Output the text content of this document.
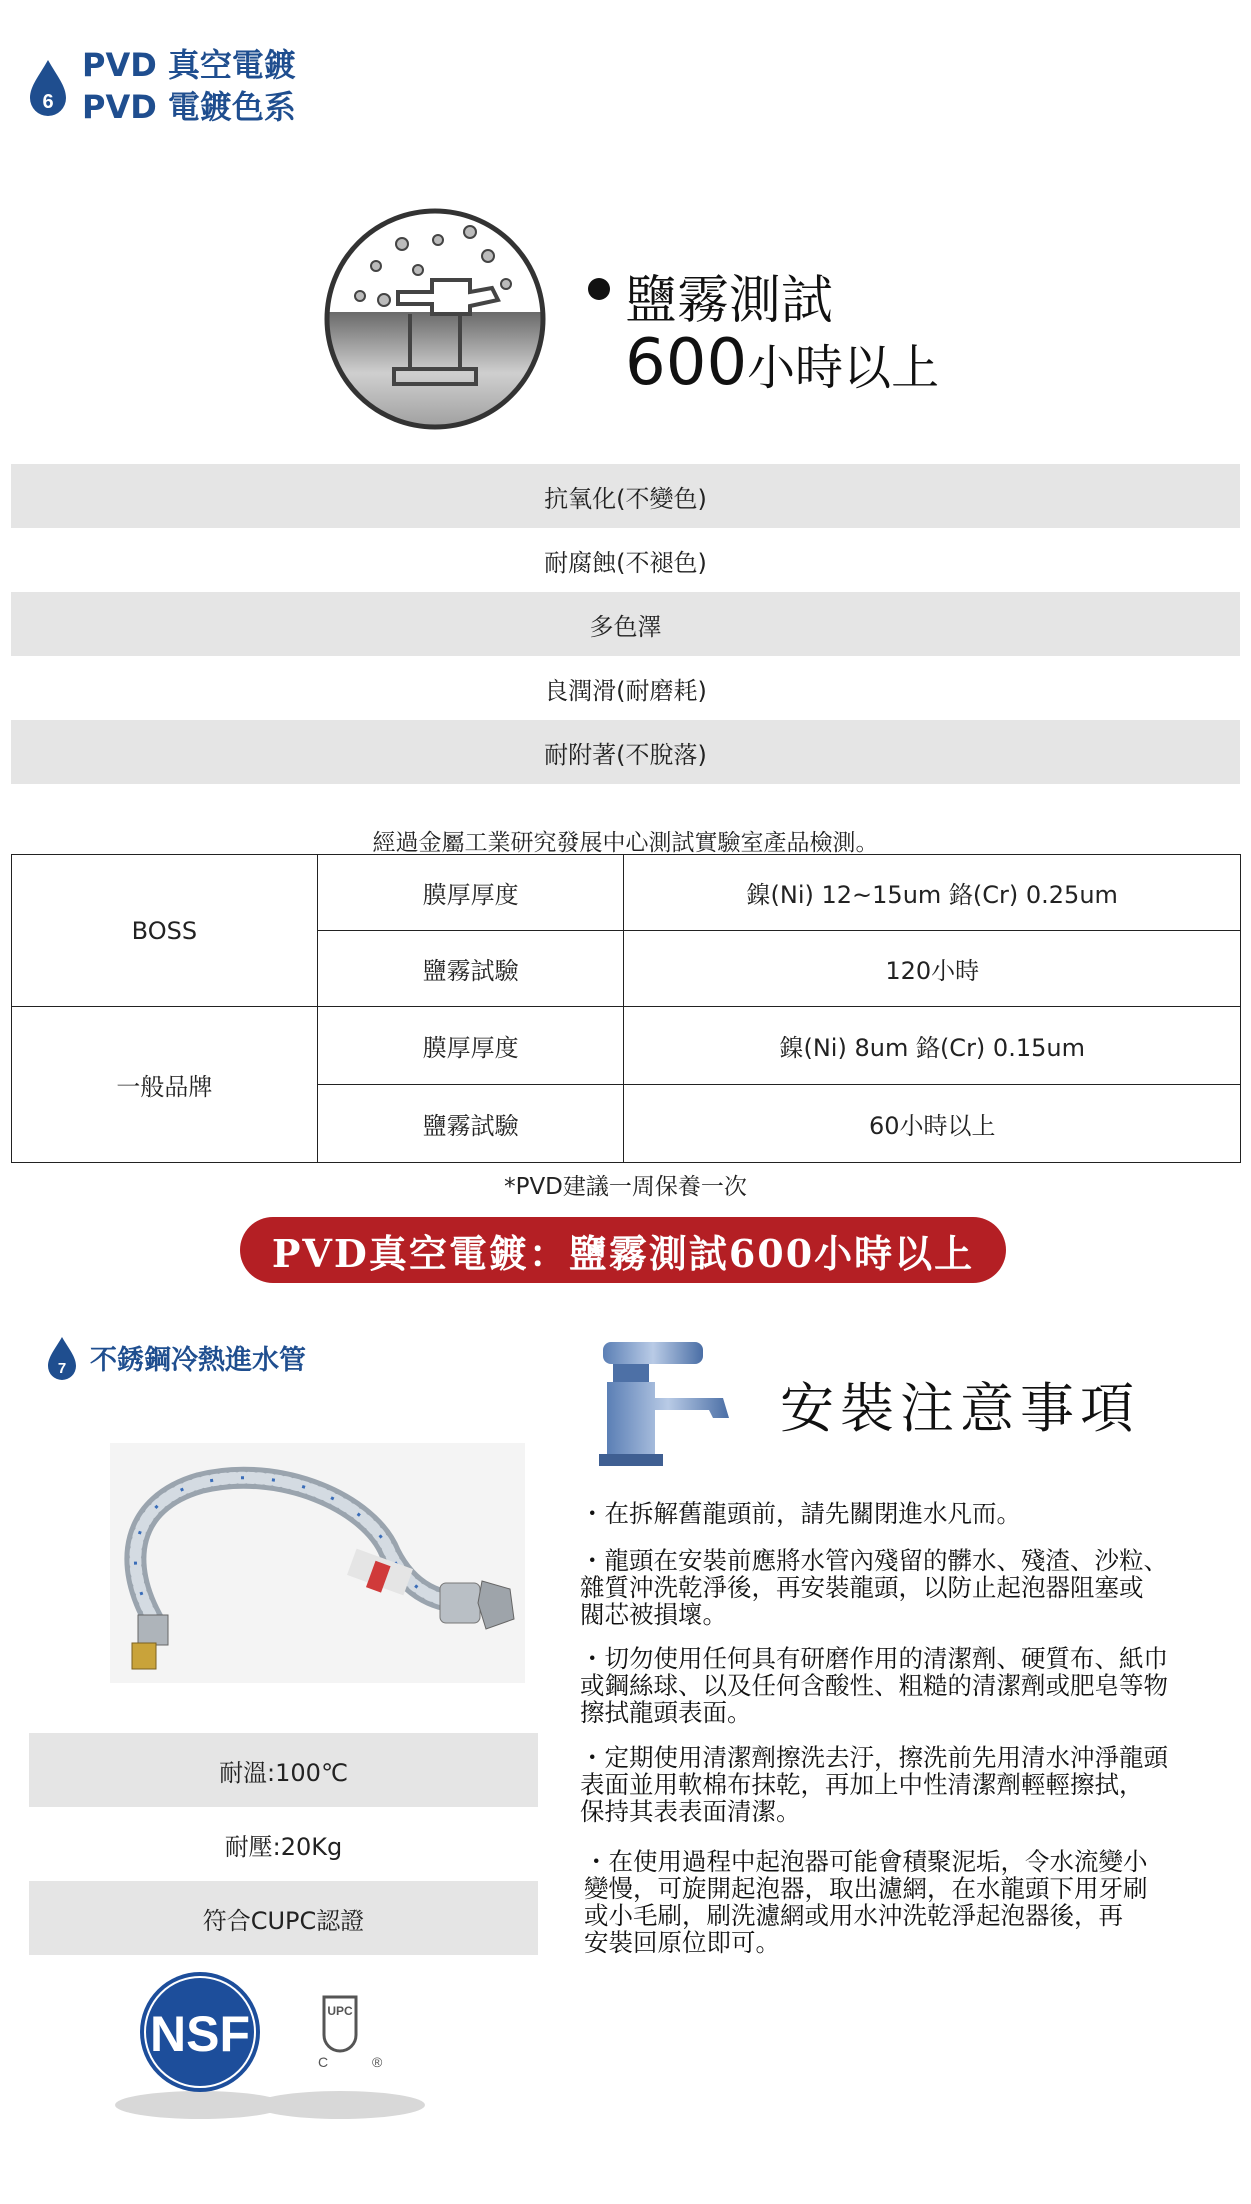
6
PVD 真空電鍍
PVD 電鍍色系
鹽霧測試
600小時以上
抗氧化(不變色)
耐腐蝕(不褪色)
多色澤
良潤滑(耐磨耗)
耐附著(不脫落)
經過金屬工業研究發展中心測試實驗室產品檢測。
BOSS	膜厚厚度	鎳(Ni) 12~15um 鉻(Cr) 0.25um
	鹽霧試驗	120小時
一般品牌	膜厚厚度	鎳(Ni) 8um 鉻(Cr) 0.15um
	鹽霧試驗	60小時以上
*PVD建議一周保養一次
PVD真空電鍍：鹽霧測試600小時以上
7 不銹鋼冷熱進水管
耐溫:100℃
耐壓:20Kg
符合CUPC認證
NSF	UPC
C	®
安裝注意事項
・在拆解舊龍頭前，請先關閉進水凡而。
・龍頭在安裝前應將水管內殘留的髒水、殘渣、沙粒、
雜質沖洗乾淨後，再安裝龍頭，以防止起泡器阻塞或
閥芯被損壞。
・切勿使用任何具有研磨作用的清潔劑、硬質布、紙巾
或鋼絲球、以及任何含酸性、粗糙的清潔劑或肥皂等物
擦拭龍頭表面。
・定期使用清潔劑擦洗去汙，擦洗前先用清水沖淨龍頭
表面並用軟棉布抹乾，再加上中性清潔劑輕輕擦拭，
保持其表表面清潔。
・在使用過程中起泡器可能會積聚泥垢，令水流變小
變慢，可旋開起泡器，取出濾網，在水龍頭下用牙刷
或小毛刷，刷洗濾網或用水沖洗乾淨起泡器後，再
安裝回原位即可。
